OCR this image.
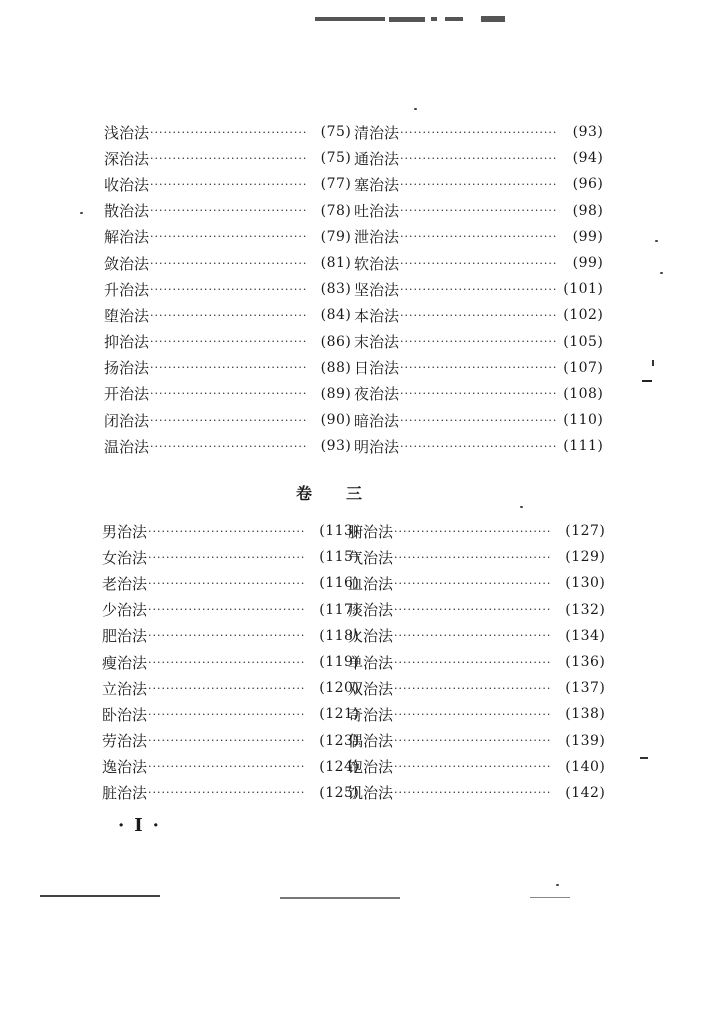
浅治法 ··································· (75)
深治法 ··································· (75)
收治法 ··································· (77)
散治法 ··································· (78)
解治法 ··································· (79)
敛治法 ··································· (81)
升治法 ··································· (83)
堕治法 ··································· (84)
抑治法 ··································· (86)
扬治法 ··································· (88)
开治法 ··································· (89)
闭治法 ··································· (90)
温治法 ··································· (93)
清治法 ···································	(93)
通治法 ···································	(94)
塞治法 ···································	(96)
吐治法 ···································	(98)
泄治法 ···································	(99)
软治法 ···································	(99)
坚治法 ··································· (101)
本治法 ··································· (102)
末治法 ··································· (105)
日治法 ··································· (107)
夜治法 ··································· (108)
暗治法 ··································· (110)
明治法 ··································· (111)
卷三
男治法 ··································· (113)
女治法 ··································· (115)
老治法 ··································· (116)
少治法 ··································· (117)
肥治法 ··································· (118)
瘦治法 ··································· (119)
立治法 ··································· (120)
卧治法 ··································· (121)
劳治法 ··································· (123)
逸治法 ··································· (124)
脏治法 ··································· (125)
腑治法 ··································· (127)
气治法 ··································· (129)
血治法 ··································· (130)
痰治法 ··································· (132)
火治法 ··································· (134)
单治法 ··································· (136)
双治法 ··································· (137)
奇治法 ··································· (138)
偶治法 ··································· (139)
饱治法 ··································· (140)
饥治法 ··································· (142)
·I·
